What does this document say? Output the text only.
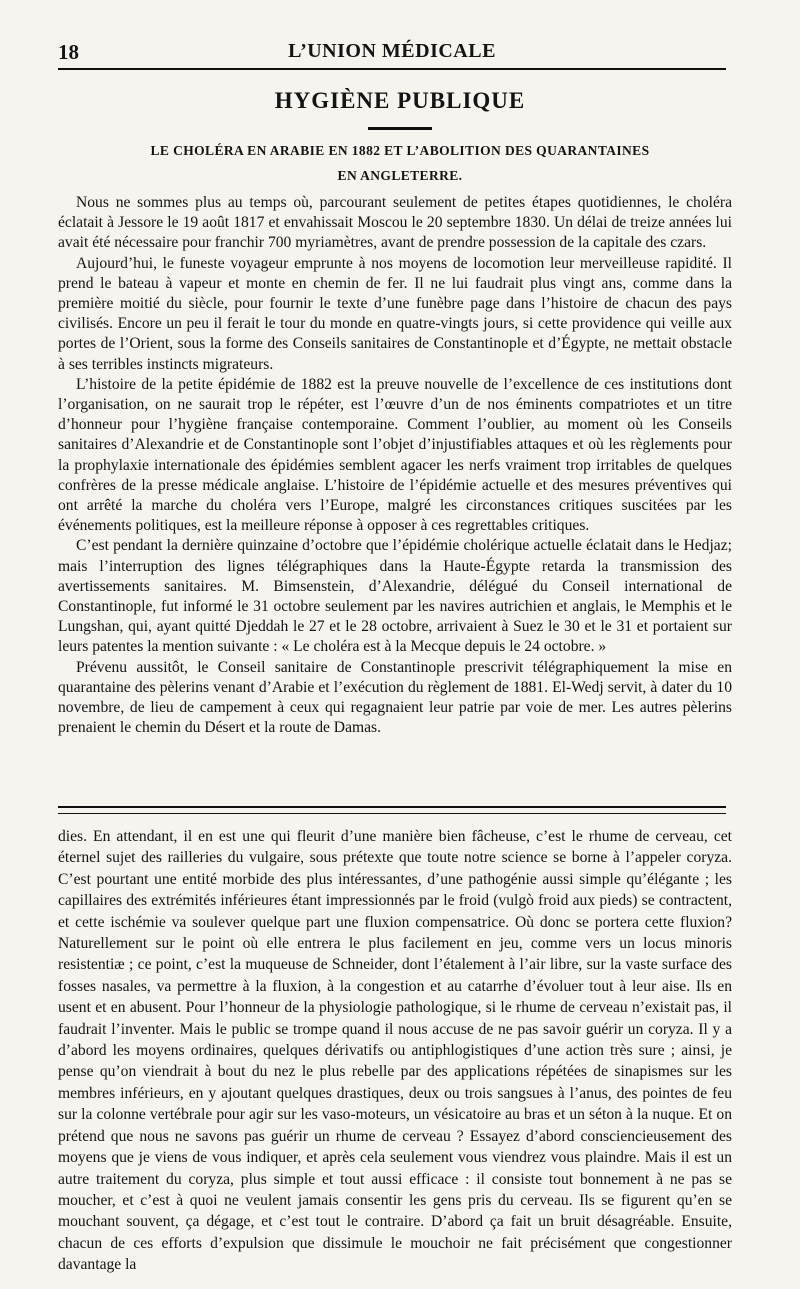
18	L’UNION MÉDICALE
HYGIÈNE PUBLIQUE
LE CHOLÉRA EN ARABIE EN 1882 ET L’ABOLITION DES QUARANTAINES
EN ANGLETERRE.

Nous ne sommes plus au temps où, parcourant seulement de petites étapes quotidiennes, le choléra éclatait à Jessore le 19 août 1817 et envahissait Moscou le 20 septembre 1830. Un délai de treize années lui avait été nécessaire pour franchir 700 myriamètres, avant de prendre possession de la capitale des czars.

Aujourd’hui, le funeste voyageur emprunte à nos moyens de locomotion leur merveilleuse rapidité. Il prend le bateau à vapeur et monte en chemin de fer. Il ne lui faudrait plus vingt ans, comme dans la première moitié du siècle, pour fournir le texte d’une funèbre page dans l’histoire de chacun des pays civilisés. Encore un peu il ferait le tour du monde en quatre-vingts jours, si cette providence qui veille aux portes de l’Orient, sous la forme des Conseils sanitaires de Constantinople et d’Égypte, ne mettait obstacle à ses terribles instincts migrateurs.

L’histoire de la petite épidémie de 1882 est la preuve nouvelle de l’excellence de ces institutions dont l’organisation, on ne saurait trop le répéter, est l’œuvre d’un de nos éminents compatriotes et un titre d’honneur pour l’hygiène française contemporaine. Comment l’oublier, au moment où les Conseils sanitaires d’Alexandrie et de Constantinople sont l’objet d’injustifiables attaques et où les règlements pour la prophylaxie internationale des épidémies semblent agacer les nerfs vraiment trop irritables de quelques confrères de la presse médicale anglaise. L’histoire de l’épidémie actuelle et des mesures préventives qui ont arrêté la marche du choléra vers l’Europe, malgré les circonstances critiques suscitées par les événements politiques, est la meilleure réponse à opposer à ces regrettables critiques.

C’est pendant la dernière quinzaine d’octobre que l’épidémie cholérique actuelle éclatait dans le Hedjaz; mais l’interruption des lignes télégraphiques dans la Haute-Égypte retarda la transmission des avertissements sanitaires. M. Bimsenstein, d’Alexandrie, délégué du Conseil international de Constantinople, fut informé le 31 octobre seulement par les navires autrichien et anglais, le Memphis et le Lungshan, qui, ayant quitté Djeddah le 27 et le 28 octobre, arrivaient à Suez le 30 et le 31 et portaient sur leurs patentes la mention suivante : « Le choléra est à la Mecque depuis le 24 octobre. »

Prévenu aussitôt, le Conseil sanitaire de Constantinople prescrivit télégraphiquement la mise en quarantaine des pèlerins venant d’Arabie et l’exécution du règlement de 1881. El-Wedj servit, à dater du 10 novembre, de lieu de campement à ceux qui regagnaient leur patrie par voie de mer. Les autres pèlerins prenaient le chemin du Désert et la route de Damas.

dies. En attendant, il en est une qui fleurit d’une manière bien fâcheuse, c’est le rhume de cerveau, cet éternel sujet des railleries du vulgaire, sous prétexte que toute notre science se borne à l’appeler coryza. C’est pourtant une entité morbide des plus intéressantes, d’une pathogénie aussi simple qu’élégante ; les capillaires des extrémités inférieures étant impressionnés par le froid (vulgò froid aux pieds) se contractent, et cette ischémie va soulever quelque part une fluxion compensatrice. Où donc se portera cette fluxion? Naturellement sur le point où elle entrera le plus facilement en jeu, comme vers un locus minoris resistentiæ ; ce point, c’est la muqueuse de Schneider, dont l’étalement à l’air libre, sur la vaste surface des fosses nasales, va permettre à la fluxion, à la congestion et au catarrhe d’évoluer tout à leur aise. Ils en usent et en abusent. Pour l’honneur de la physiologie pathologique, si le rhume de cerveau n’existait pas, il faudrait l’inventer. Mais le public se trompe quand il nous accuse de ne pas savoir guérir un coryza. Il y a d’abord les moyens ordinaires, quelques dérivatifs ou antiphlogistiques d’une action très sure ; ainsi, je pense qu’on viendrait à bout du nez le plus rebelle par des applications répétées de sinapismes sur les membres inférieurs, en y ajoutant quelques drastiques, deux ou trois sangsues à l’anus, des pointes de feu sur la colonne vertébrale pour agir sur les vaso-moteurs, un vésicatoire au bras et un séton à la nuque. Et on prétend que nous ne savons pas guérir un rhume de cerveau ? Essayez d’abord consciencieusement des moyens que je viens de vous indiquer, et après cela seulement vous viendrez vous plaindre. Mais il est un autre traitement du coryza, plus simple et tout aussi efficace : il consiste tout bonnement à ne pas se moucher, et c’est à quoi ne veulent jamais consentir les gens pris du cerveau. Ils se figurent qu’en se mouchant souvent, ça dégage, et c’est tout le contraire. D’abord ça fait un bruit désagréable. Ensuite, chacun de ces efforts d’expulsion que dissimule le mouchoir ne fait précisément que congestionner davantage la
